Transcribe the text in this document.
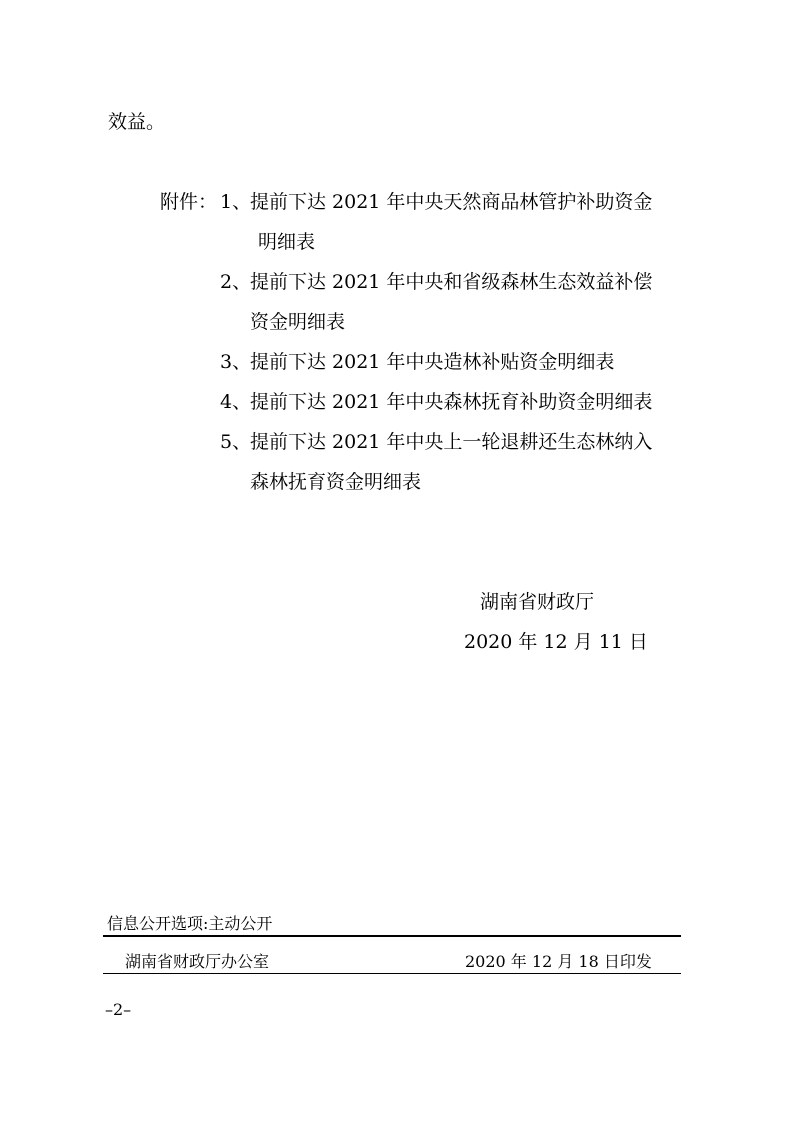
效益。
附件： 1、
提前下达 2021 年中央天然商品林管护补助资金
明细表
2、
提前下达 2021 年中央和省级森林生态效益补偿
资金明细表
3、
提前下达 2021 年中央造林补贴资金明细表
4、
提前下达 2021 年中央森林抚育补助资金明细表
5、
提前下达 2021 年中央上一轮退耕还生态林纳入
森林抚育资金明细表
湖南省财政厅
2020 年 12 月 11 日
信息公开选项:主动公开
湖南省财政厅办公室	2020 年 12 月 18 日印发
–2–
